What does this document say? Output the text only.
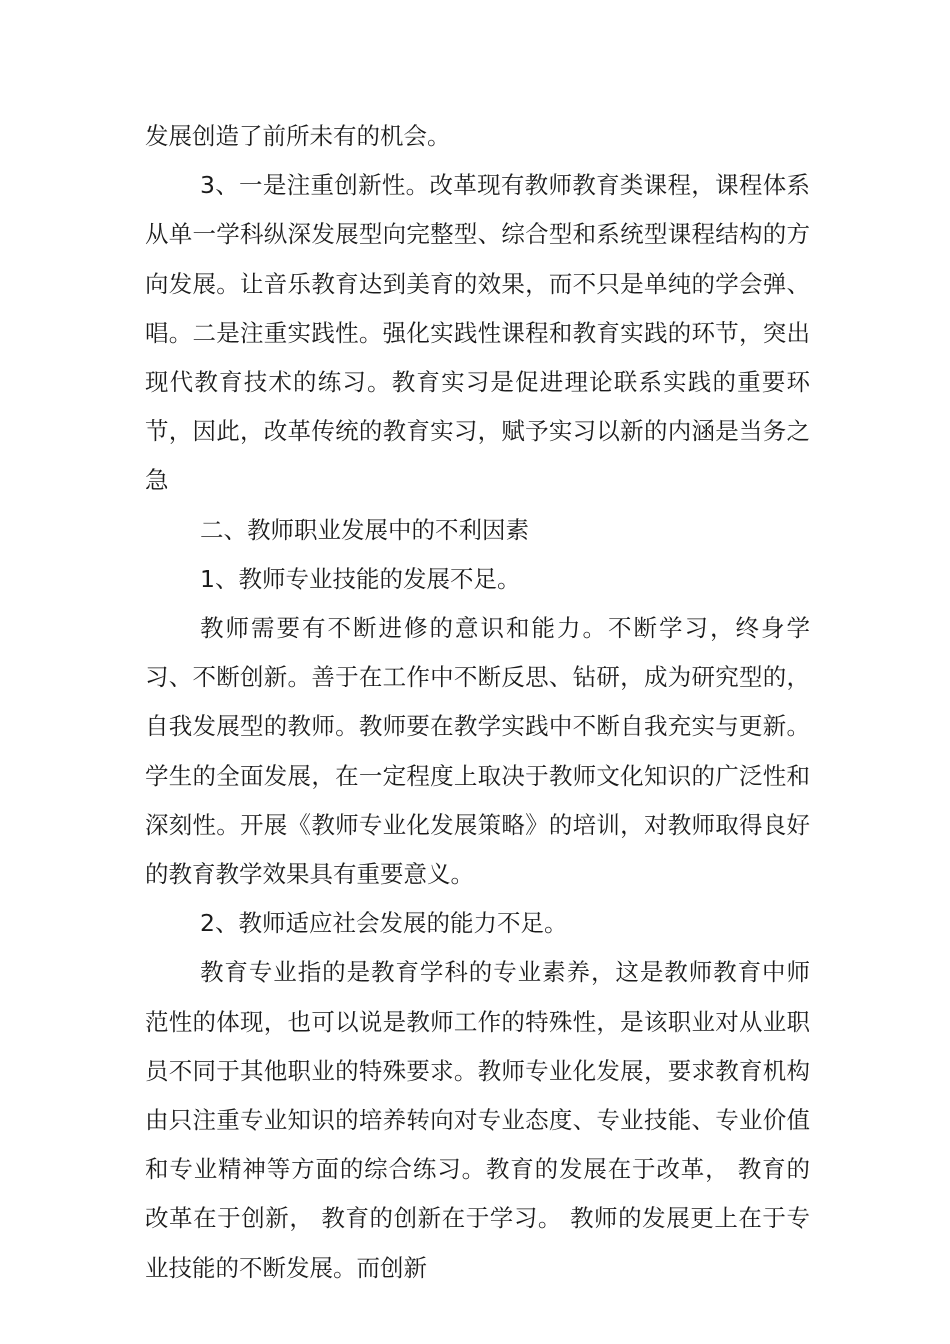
发展创造了前所未有的机会。

3、一是注重创新性。改革现有教师教育类课程，课程体系从单一学科纵深发展型向完整型、综合型和系统型课程结构的方向发展。让音乐教育达到美育的效果，而不只是单纯的学会弹、唱。二是注重实践性。强化实践性课程和教育实践的环节，突出现代教育技术的练习。教育实习是促进理论联系实践的重要环节，因此，改革传统的教育实习，赋予实习以新的内涵是当务之急

二、教师职业发展中的不利因素

1、教师专业技能的发展不足。

教师需要有不断进修的意识和能力。不断学习，终身学习、不断创新。善于在工作中不断反思、钻研，成为研究型的，自我发展型的教师。教师要在教学实践中不断自我充实与更新。学生的全面发展，在一定程度上取决于教师文化知识的广泛性和深刻性。开展《教师专业化发展策略》的培训，对教师取得良好的教育教学效果具有重要意义。

2、教师适应社会发展的能力不足。

教育专业指的是教育学科的专业素养，这是教师教育中师范性的体现，也可以说是教师工作的特殊性，是该职业对从业职员不同于其他职业的特殊要求。教师专业化发展，要求教育机构由只注重专业知识的培养转向对专业态度、专业技能、专业价值和专业精神等方面的综合练习。教育的发展在于改革， 教育的改革在于创新， 教育的创新在于学习。 教师的发展更上在于专业技能的不断发展。而创新
